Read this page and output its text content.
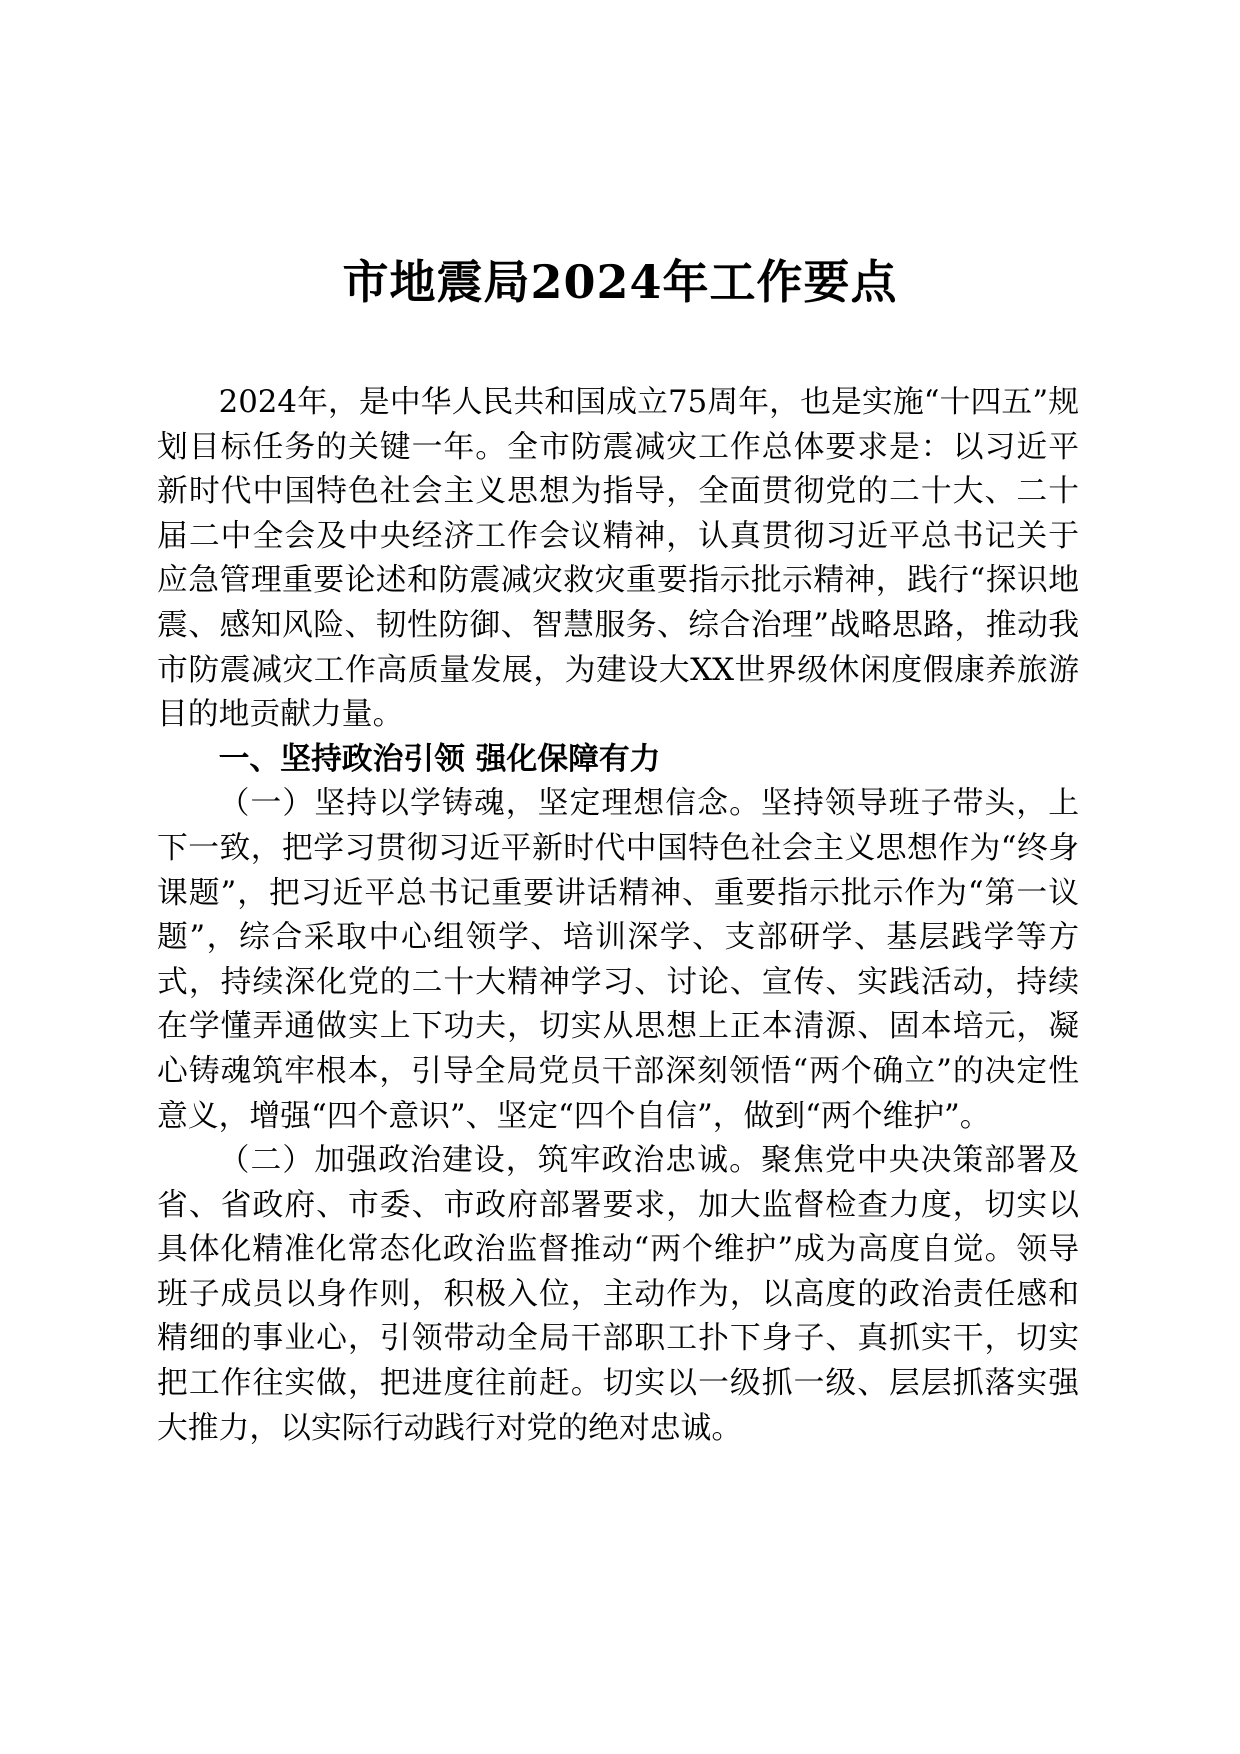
市地震局2024年工作要点

2024年，是中华人民共和国成立75周年，也是实施“十四五”规划目标任务的关键一年。全市防震减灾工作总体要求是：以习近平新时代中国特色社会主义思想为指导，全面贯彻党的二十大、二十届二中全会及中央经济工作会议精神，认真贯彻习近平总书记关于应急管理重要论述和防震减灾救灾重要指示批示精神，践行“探识地震、感知风险、韧性防御、智慧服务、综合治理”战略思路，推动我市防震减灾工作高质量发展，为建设大XX世界级休闲度假康养旅游目的地贡献力量。

一、坚持政治引领 强化保障有力

（一）坚持以学铸魂，坚定理想信念。坚持领导班子带头，上下一致，把学习贯彻习近平新时代中国特色社会主义思想作为“终身课题”，把习近平总书记重要讲话精神、重要指示批示作为“第一议题”，综合采取中心组领学、培训深学、支部研学、基层践学等方式，持续深化党的二十大精神学习、讨论、宣传、实践活动，持续在学懂弄通做实上下功夫，切实从思想上正本清源、固本培元，凝心铸魂筑牢根本，引导全局党员干部深刻领悟“两个确立”的决定性意义，增强“四个意识”、坚定“四个自信”，做到“两个维护”。

（二）加强政治建设，筑牢政治忠诚。聚焦党中央决策部署及省、省政府、市委、市政府部署要求，加大监督检查力度，切实以具体化精准化常态化政治监督推动“两个维护”成为高度自觉。领导班子成员以身作则，积极入位，主动作为，以高度的政治责任感和精细的事业心，引领带动全局干部职工扑下身子、真抓实干，切实把工作往实做，把进度往前赶。切实以一级抓一级、层层抓落实强大推力，以实际行动践行对党的绝对忠诚。
